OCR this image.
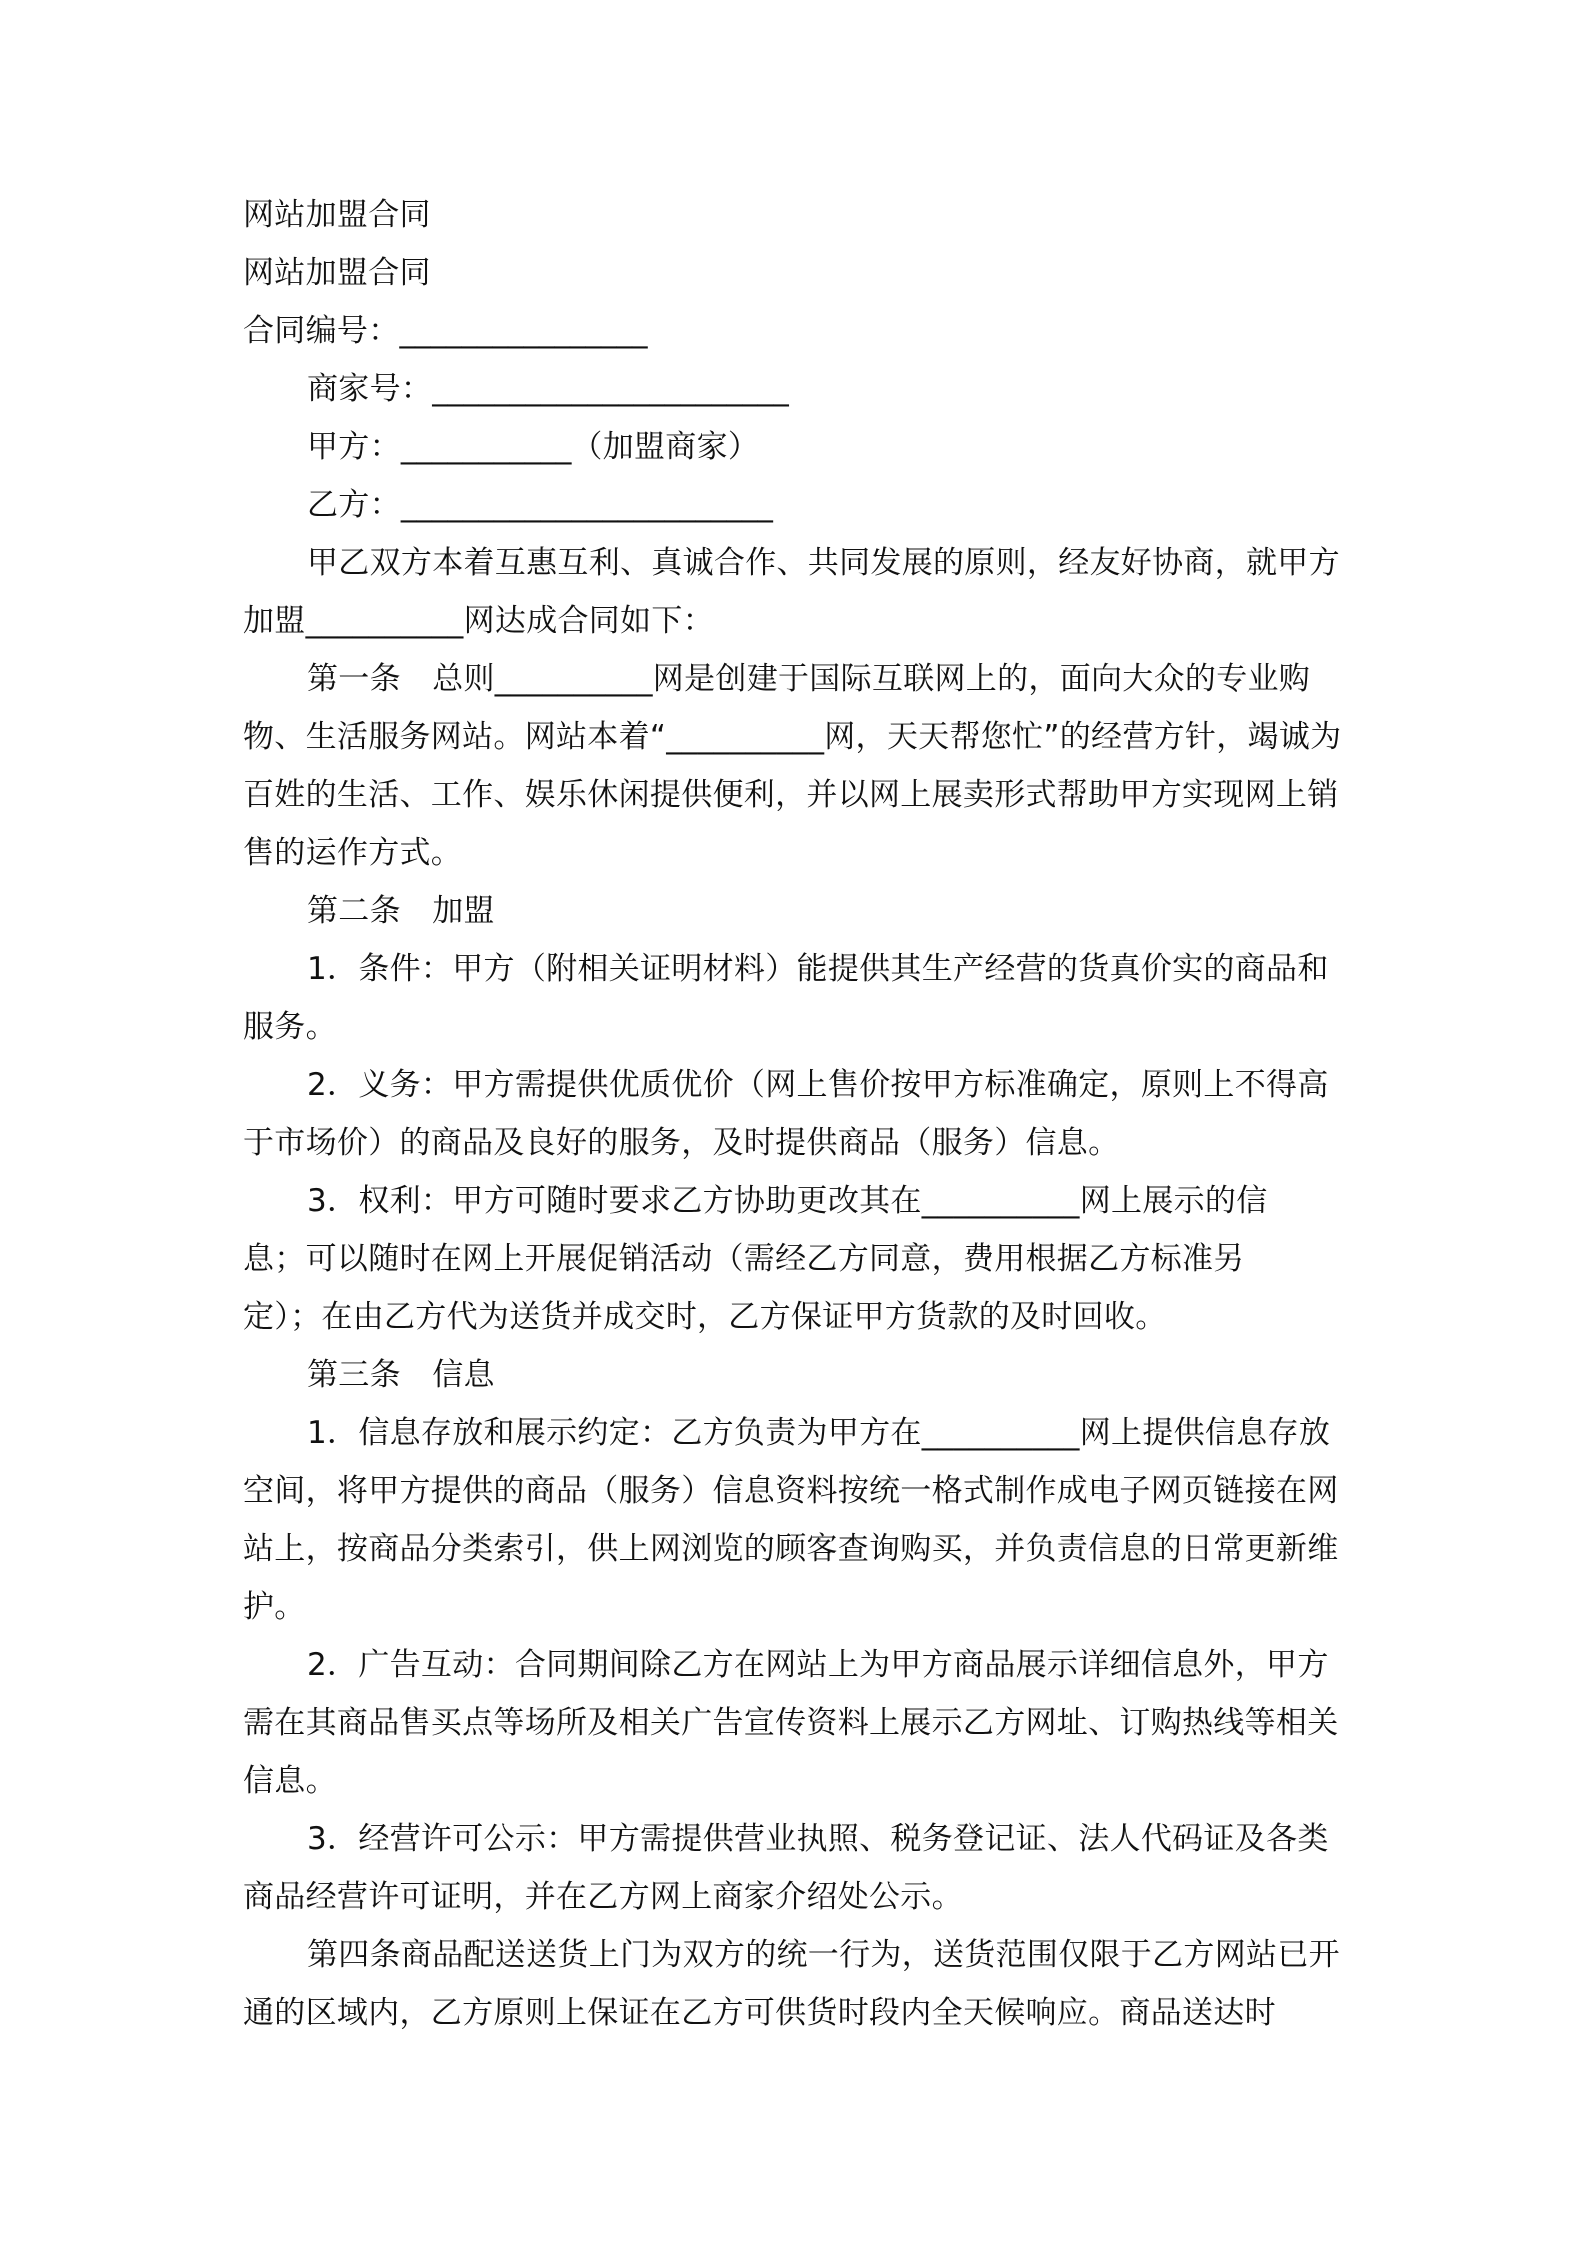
网站加盟合同

网站加盟合同

合同编号：________________

商家号：_______________________

甲方：___________（加盟商家）

乙方：________________________

甲乙双方本着互惠互利、真诚合作、共同发展的原则，经友好协商，就甲方加盟__________网达成合同如下：

第一条　总则__________网是创建于国际互联网上的，面向大众的专业购物、生活服务网站。网站本着“__________网，天天帮您忙”的经营方针，竭诚为百姓的生活、工作、娱乐休闲提供便利，并以网上展卖形式帮助甲方实现网上销售的运作方式。

第二条　加盟

1．条件：甲方（附相关证明材料）能提供其生产经营的货真价实的商品和服务。

2．义务：甲方需提供优质优价（网上售价按甲方标准确定，原则上不得高于市场价）的商品及良好的服务，及时提供商品（服务）信息。

3．权利：甲方可随时要求乙方协助更改其在__________网上展示的信

息；可以随时在网上开展促销活动（需经乙方同意，费用根据乙方标准另

定）；在由乙方代为送货并成交时，乙方保证甲方货款的及时回收。

第三条　信息

1．信息存放和展示约定：乙方负责为甲方在__________网上提供信息存放空间，将甲方提供的商品（服务）信息资料按统一格式制作成电子网页链接在网站上，按商品分类索引，供上网浏览的顾客查询购买，并负责信息的日常更新维护。

2．广告互动：合同期间除乙方在网站上为甲方商品展示详细信息外，甲方需在其商品售买点等场所及相关广告宣传资料上展示乙方网址、订购热线等相关信息。

3．经营许可公示：甲方需提供营业执照、税务登记证、法人代码证及各类商品经营许可证明，并在乙方网上商家介绍处公示。

第四条商品配送送货上门为双方的统一行为，送货范围仅限于乙方网站已开通的区域内，乙方原则上保证在乙方可供货时段内全天候响应。商品送达时
